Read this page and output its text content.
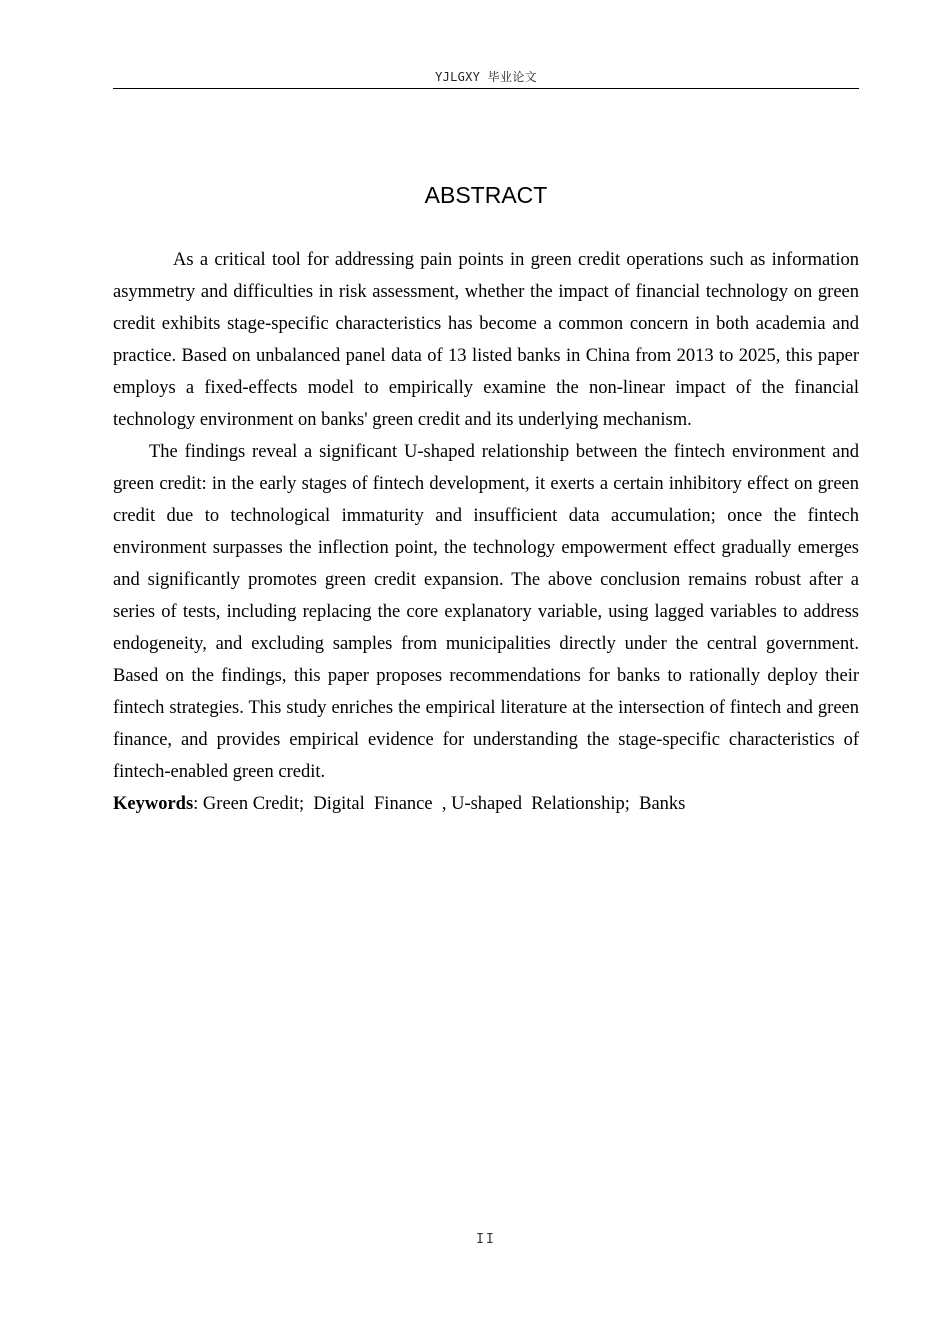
YJLGXY 毕业论文
ABSTRACT

As a critical tool for addressing pain points in green credit operations such as information asymmetry and difficulties in risk assessment, whether the impact of financial technology on green credit exhibits stage-specific characteristics has become a common concern in both academia and practice. Based on unbalanced panel data of 13 listed banks in China from 2013 to 2025, this paper employs a fixed-effects model to empirically examine the non-linear impact of the financial technology environment on banks' green credit and its underlying mechanism.

The findings reveal a significant U-shaped relationship between the fintech environment and green credit: in the early stages of fintech development, it exerts a certain inhibitory effect on green credit due to technological immaturity and insufficient data accumulation; once the fintech environment surpasses the inflection point, the technology empowerment effect gradually emerges and significantly promotes green credit expansion. The above conclusion remains robust after a series of tests, including replacing the core explanatory variable, using lagged variables to address endogeneity, and excluding samples from municipalities directly under the central government. Based on the findings, this paper proposes recommendations for banks to rationally deploy their fintech strategies. This study enriches the empirical literature at the intersection of fintech and green finance, and provides empirical evidence for understanding the stage-specific characteristics of fintech-enabled green credit.

Keywords: Green Credit;  Digital  Finance  , U-shaped  Relationship;  Banks

II
